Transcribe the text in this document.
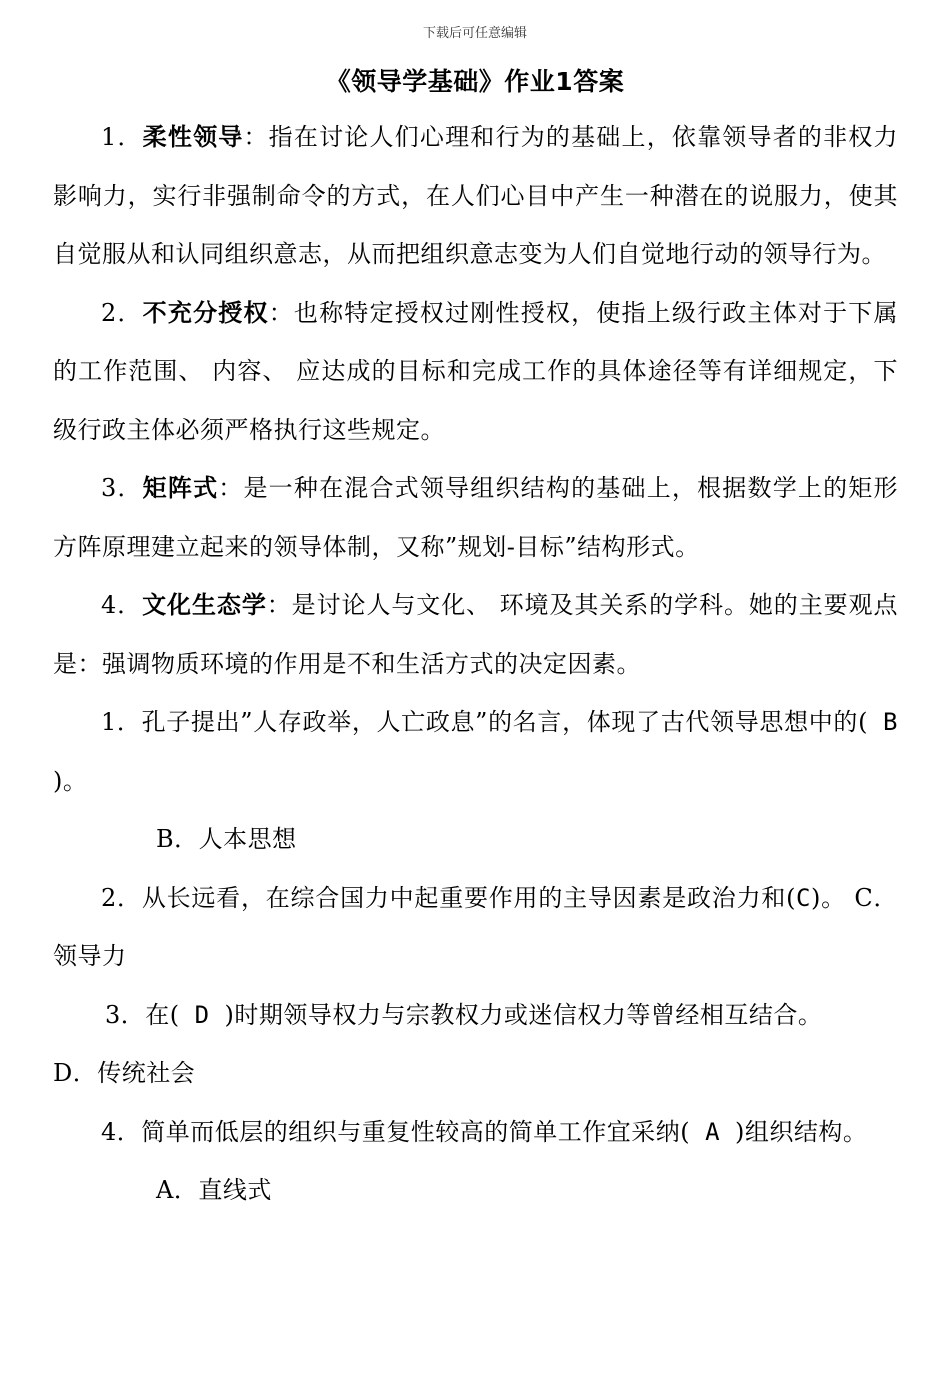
下载后可任意编辑
《领导学基础》作业1答案

1．柔性领导：指在讨论人们心理和行为的基础上，依靠领导者的非权力影响力，实行非强制命令的方式，在人们心目中产生一种潜在的说服力，使其自觉服从和认同组织意志，从而把组织意志变为人们自觉地行动的领导行为。

2．不充分授权：也称特定授权过刚性授权，使指上级行政主体对于下属的工作范围、 内容、 应达成的目标和完成工作的具体途径等有详细规定，下级行政主体必须严格执行这些规定。

3．矩阵式：是一种在混合式领导组织结构的基础上，根据数学上的矩形方阵原理建立起来的领导体制，又称”规划-目标”结构形式。

4．文化生态学：是讨论人与文化、 环境及其关系的学科。她的主要观点是：强调物质环境的作用是不和生活方式的决定因素。

1．孔子提出”人存政举，人亡政息”的名言，体现了古代领导思想中的( B )。

B．人本思想

2．从长远看，在综合国力中起重要作用的主导因素是政治力和(C)。 C．领导力

3．在( D )时期领导权力与宗教权力或迷信权力等曾经相互结合。

D．传统社会

4．简单而低层的组织与重复性较高的简单工作宜采纳( A )组织结构。

A．直线式
